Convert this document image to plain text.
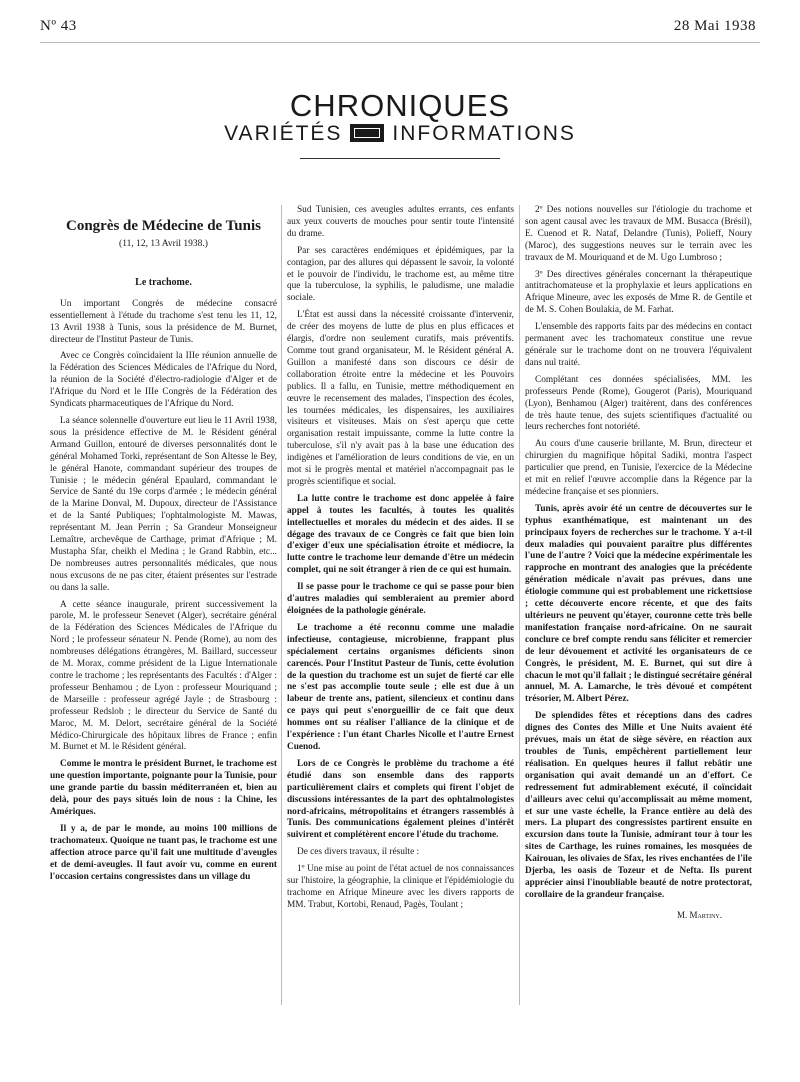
Nº 43	28 Mai 1938
CHRONIQUES
VARIÉTÉS INFORMATIONS
Congrès de Médecine de Tunis
(11, 12, 13 Avril 1938.)
Le trachome.

Un important Congrès de médecine consacré essentiellement à l'étude du trachome s'est tenu les 11, 12, 13 Avril 1938 à Tunis, sous la présidence de M. Burnet, directeur de l'Institut Pasteur de Tunis.

Avec ce Congrès coïncidaient la IIIe réunion annuelle de la Fédération des Sciences Médicales de l'Afrique du Nord, la réunion de la Société d'électro-radiologie d'Alger et de l'Afrique du Nord et le IIIe Congrès de la Fédération des Syndicats pharmaceutiques de l'Afrique du Nord.

La séance solennelle d'ouverture eut lieu le 11 Avril 1938, sous la présidence effective de M. le Résident général Armand Guillon, entouré de diverses personnalités dont le général Mohamed Torki, représentant de Son Altesse le Bey, le général Hanote, commandant supérieur des troupes de Tunisie ; le médecin général Epaulard, commandant le Service de Santé du 19e corps d'armée ; le médecin général de la Marine Donval, M. Dupoux, directeur de l'Assistance et de la Santé Publiques; l'ophtalmologiste M. Mawas, représentant M. Jean Perrin ; Sa Grandeur Monseigneur Lemaître, archevêque de Carthage, primat d'Afrique ; M. Mustapha Sfar, cheikh el Medina ; le Grand Rabbin, etc... De nombreuses autres personnalités médicales, que nous nous excusons de ne pas citer, étaient présentes sur l'estrade ou dans la salle.

A cette séance inaugurale, prirent successivement la parole, M. le professeur Senevet (Alger), secrétaire général de la Fédération des Sciences Médicales de l'Afrique du Nord ; le professeur sénateur N. Pende (Rome), au nom des nombreuses délégations étrangères, M. Baillard, successeur de M. Morax, comme président de la Ligue Internationale contre le trachome ; les représentants des Facultés : d'Alger : professeur Benhamou ; de Lyon : professeur Mouriquand ; de Marseille : professeur agrégé Jayle ; de Strasbourg : professeur Redslob ; le directeur du Service de Santé du Maroc, M. M. Delort, secrétaire général de la Société Médico-Chirurgicale des hôpitaux libres de France ; enfin M. Burnet et M. le Résident général.

Comme le montra le président Burnet, le trachome est une question importante, poignante pour la Tunisie, pour une grande partie du bassin méditerranéen et, bien au delà, pour des pays situés loin de nous : la Chine, les Amériques.

Il y a, de par le monde, au moins 100 millions de trachomateux. Quoique ne tuant pas, le trachome est une affection atroce parce qu'il fait une multitude d'aveugles et de demi-aveugles. Il faut avoir vu, comme en eurent l'occasion certains congressistes dans un village du

Sud Tunisien, ces aveugles adultes errants, ces enfants aux yeux couverts de mouches pour sentir toute l'intensité du drame.

Par ses caractères endémiques et épidémiques, par la contagion, par des allures qui dépassent le savoir, la volonté et le pouvoir de l'individu, le trachome est, au même titre que la tuberculose, la syphilis, le paludisme, une maladie sociale.

L'État est aussi dans la nécessité croissante d'intervenir, de créer des moyens de lutte de plus en plus efficaces et élargis, d'ordre non seulement curatifs, mais préventifs. Comme tout grand organisateur, M. le Résident général A. Guillon a manifesté dans son discours ce désir de collaboration étroite entre la médecine et les Pouvoirs publics. Il a fallu, en Tunisie, mettre méthodiquement en œuvre le recensement des malades, l'inspection des écoles, les tournées médicales, les dispensaires, les auxiliaires visiteurs et visiteuses. Mais on s'est aperçu que cette organisation restait impuissante, comme la lutte contre la tuberculose, s'il n'y avait pas à la base une éducation des indigènes et l'amélioration de leurs conditions de vie, en un mot si le progrès mental et matériel n'accompagnait pas le progrès scientifique et social.

La lutte contre le trachome est donc appelée à faire appel à toutes les facultés, à toutes les qualités intellectuelles et morales du médecin et des aides. Il se dégage des travaux de ce Congrès ce fait que bien loin d'exiger d'eux une spécialisation étroite et médiocre, la lutte contre le trachome leur demande d'être un médecin complet, qui ne soit étranger à rien de ce qui est humain.

Il se passe pour le trachome ce qui se passe pour bien d'autres maladies qui sembleraient au premier abord éloignées de la pathologie générale.

Le trachome a été reconnu comme une maladie infectieuse, contagieuse, microbienne, frappant plus spécialement certains organismes déficients sinon carencés. Pour l'Institut Pasteur de Tunis, cette évolution de la question du trachome est un sujet de fierté car elle ne s'est pas accomplie toute seule ; elle est due à un labeur de trente ans, patient, silencieux et continu dans ce pays qui peut s'enorgueillir de ce fait que deux hommes ont su réaliser l'alliance de la clinique et de l'expérience : l'un étant Charles Nicolle et l'autre Ernest Cuenod.

Lors de ce Congrès le problème du trachome a été étudié dans son ensemble dans des rapports particulièrement clairs et complets qui firent l'objet de discussions intéressantes de la part des ophtalmologistes nord-africains, métropolitains et étrangers rassemblés à Tunis. Des communications également pleines d'intérêt suivirent et complétèrent encore l'étude du trachome.

De ces divers travaux, il résulte :

1º Une mise au point de l'état actuel de nos connaissances sur l'histoire, la géographie, la clinique et l'épidémiologie du trachome en Afrique Mineure avec les divers rapports de MM. Trabut, Kortobi, Renaud, Pagès, Toulant ;

2º Des notions nouvelles sur l'étiologie du trachome et son agent causal avec les travaux de MM. Busacca (Brésil), E. Cuenod et R. Nataf, Delandre (Tunis), Polieff, Noury (Maroc), des suggestions neuves sur le terrain avec les travaux de M. Mouriquand et de M. Ugo Lumbroso ;

3º Des directives générales concernant la thérapeutique antitrachomateuse et la prophylaxie et leurs applications en Afrique Mineure, avec les exposés de Mme R. de Gentile et de M. S. Cohen Boulakia, de M. Farhat.

L'ensemble des rapports faits par des médecins en contact permanent avec les trachomateux constitue une revue générale sur le trachome dont on ne trouvera l'équivalent dans nul traité.

Complétant ces données spécialisées, MM. les professeurs Pende (Rome), Gougerot (Paris), Mouriquand (Lyon), Benhamou (Alger) traitèrent, dans des conférences de très haute tenue, des sujets scientifiques d'actualité ou leurs recherches font notoriété.

Au cours d'une causerie brillante, M. Brun, directeur et chirurgien du magnifique hôpital Sadiki, montra l'aspect particulier que prend, en Tunisie, l'exercice de la Médecine et mit en relief l'œuvre accomplie dans la Régence par la médecine française et ses pionniers.

Tunis, après avoir été un centre de découvertes sur le typhus exanthématique, est maintenant un des principaux foyers de recherches sur le trachome. Y a-t-il deux maladies qui pouvaient paraître plus différentes l'une de l'autre ? Voici que la médecine expérimentale les rapproche en montrant des analogies que la précédente génération médicale n'avait pas prévues, dans une étiologie commune qui est probablement une rickettsiose ; cette découverte encore récente, et que des faits ultérieurs ne peuvent qu'étayer, couronne cette très belle manifestation française nord-africaine. On ne saurait conclure ce bref compte rendu sans féliciter et remercier de leur dévouement et activité les organisateurs de ce Congrès, le président, M. E. Burnet, qui sut dire à chacun le mot qu'il fallait ; le distingué secrétaire général annuel, M. A. Lamarche, le très dévoué et compétent trésorier, M. Albert Pérez.

De splendides fêtes et réceptions dans des cadres dignes des Contes des Mille et Une Nuits avaient été prévues, mais un état de siège sévère, en réaction aux troubles de Tunis, empêchèrent partiellement leur réalisation. En quelques heures il fallut rebâtir une organisation qui avait demandé un an d'effort. Ce redressement fut admirablement exécuté, il coïncidait d'ailleurs avec celui qu'accomplissait au même moment, et sur une vaste échelle, la France entière au delà des mers. La plupart des congressistes partirent ensuite en excursion dans toute la Tunisie, admirant tour à tour les sites de Carthage, les ruines romaines, les mosquées de Kairouan, les olivaies de Sfax, les rives enchantées de l'île Djerba, les oasis de Tozeur et de Nefta. Ils purent apprécier ainsi l'inoubliable beauté de notre protectorat, corollaire de la grandeur française.

M. Martiny.
